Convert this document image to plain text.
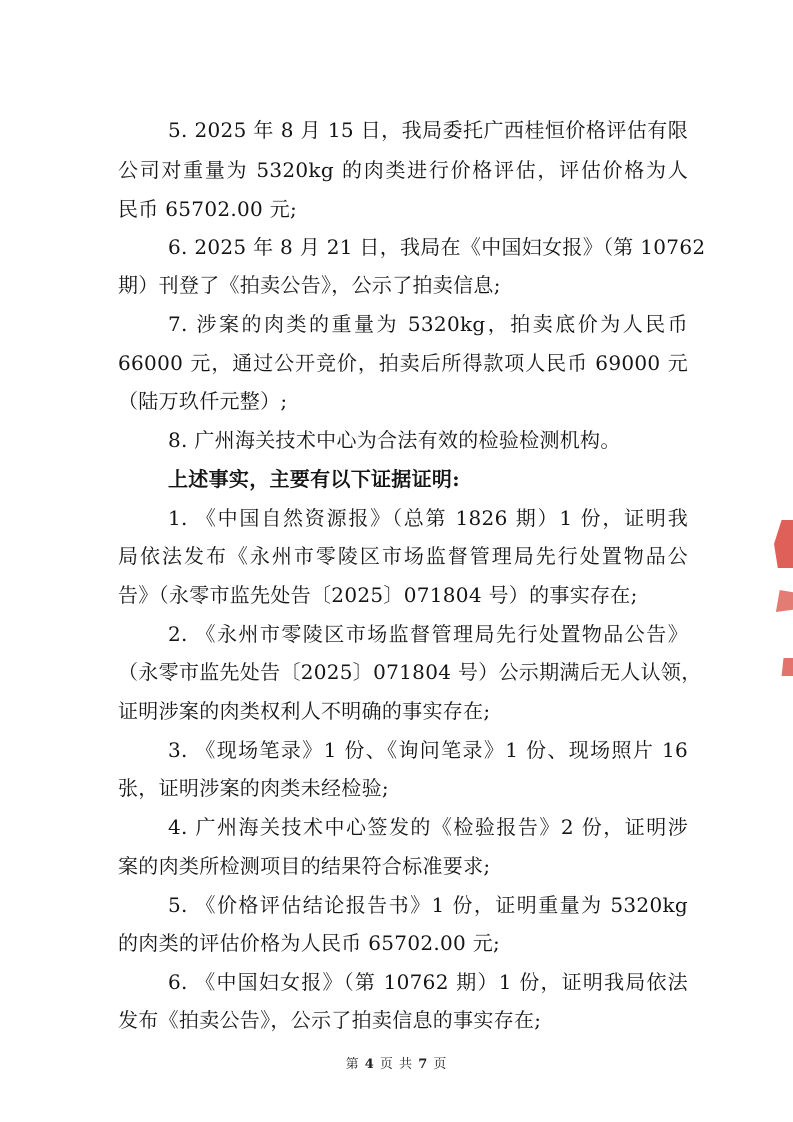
5. 2025 年 8 月 15 日，我局委托广西桂恒价格评估有限
公司对重量为 5320kg 的肉类进行价格评估，评估价格为人
民币 65702.00 元;
6. 2025 年 8 月 21 日，我局在《中国妇女报》（第 10762
期）刊登了《拍卖公告》，公示了拍卖信息;
7. 涉案的肉类的重量为 5320kg，拍卖底价为人民币
66000 元，通过公开竞价，拍卖后所得款项人民币 69000 元
（陆万玖仟元整）;
8. 广州海关技术中心为合法有效的检验检测机构。
上述事实，主要有以下证据证明:
1. 《中国自然资源报》（总第 1826 期）1 份，证明我
局依法发布《永州市零陵区市场监督管理局先行处置物品公
告》（永零市监先处告〔2025〕071804 号）的事实存在;
2. 《永州市零陵区市场监督管理局先行处置物品公告》
（永零市监先处告〔2025〕071804 号）公示期满后无人认领，
证明涉案的肉类权利人不明确的事实存在;
3. 《现场笔录》1 份、《询问笔录》1 份、现场照片 16
张，证明涉案的肉类未经检验;
4. 广州海关技术中心签发的《检验报告》2 份，证明涉
案的肉类所检测项目的结果符合标准要求;
5. 《价格评估结论报告书》1 份，证明重量为 5320kg
的肉类的评估价格为人民币 65702.00 元;
6. 《中国妇女报》（第 10762 期）1 份，证明我局依法
发布《拍卖公告》，公示了拍卖信息的事实存在;
第 4 页 共 7 页
